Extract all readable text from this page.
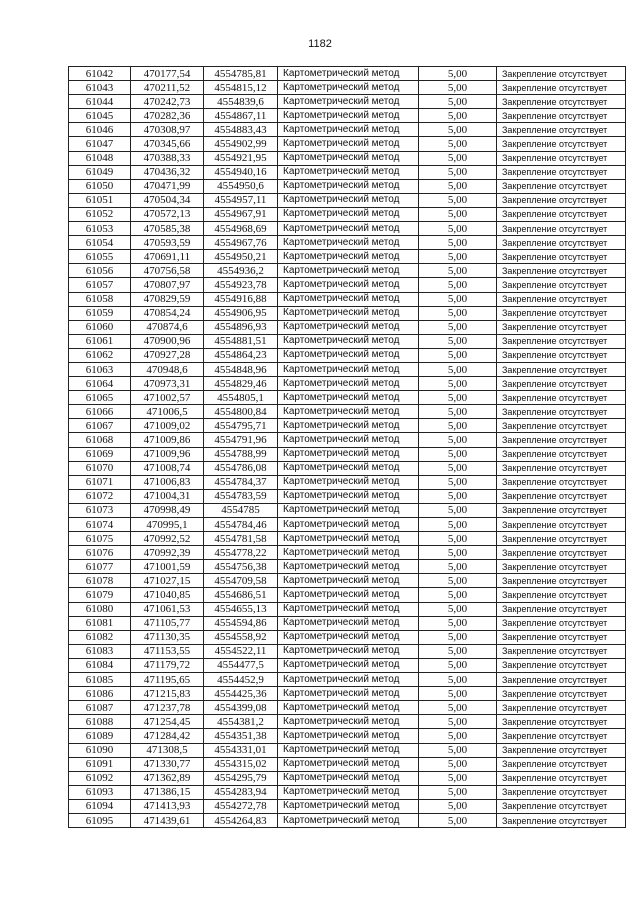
1182
61042	470177,54	4554785,81	Картометрический метод	5,00	Закрепление отсутствует
61043	470211,52	4554815,12	Картометрический метод	5,00	Закрепление отсутствует
61044	470242,73	4554839,6	Картометрический метод	5,00	Закрепление отсутствует
61045	470282,36	4554867,11	Картометрический метод	5,00	Закрепление отсутствует
61046	470308,97	4554883,43	Картометрический метод	5,00	Закрепление отсутствует
61047	470345,66	4554902,99	Картометрический метод	5,00	Закрепление отсутствует
61048	470388,33	4554921,95	Картометрический метод	5,00	Закрепление отсутствует
61049	470436,32	4554940,16	Картометрический метод	5,00	Закрепление отсутствует
61050	470471,99	4554950,6	Картометрический метод	5,00	Закрепление отсутствует
61051	470504,34	4554957,11	Картометрический метод	5,00	Закрепление отсутствует
61052	470572,13	4554967,91	Картометрический метод	5,00	Закрепление отсутствует
61053	470585,38	4554968,69	Картометрический метод	5,00	Закрепление отсутствует
61054	470593,59	4554967,76	Картометрический метод	5,00	Закрепление отсутствует
61055	470691,11	4554950,21	Картометрический метод	5,00	Закрепление отсутствует
61056	470756,58	4554936,2	Картометрический метод	5,00	Закрепление отсутствует
61057	470807,97	4554923,78	Картометрический метод	5,00	Закрепление отсутствует
61058	470829,59	4554916,88	Картометрический метод	5,00	Закрепление отсутствует
61059	470854,24	4554906,95	Картометрический метод	5,00	Закрепление отсутствует
61060	470874,6	4554896,93	Картометрический метод	5,00	Закрепление отсутствует
61061	470900,96	4554881,51	Картометрический метод	5,00	Закрепление отсутствует
61062	470927,28	4554864,23	Картометрический метод	5,00	Закрепление отсутствует
61063	470948,6	4554848,96	Картометрический метод	5,00	Закрепление отсутствует
61064	470973,31	4554829,46	Картометрический метод	5,00	Закрепление отсутствует
61065	471002,57	4554805,1	Картометрический метод	5,00	Закрепление отсутствует
61066	471006,5	4554800,84	Картометрический метод	5,00	Закрепление отсутствует
61067	471009,02	4554795,71	Картометрический метод	5,00	Закрепление отсутствует
61068	471009,86	4554791,96	Картометрический метод	5,00	Закрепление отсутствует
61069	471009,96	4554788,99	Картометрический метод	5,00	Закрепление отсутствует
61070	471008,74	4554786,08	Картометрический метод	5,00	Закрепление отсутствует
61071	471006,83	4554784,37	Картометрический метод	5,00	Закрепление отсутствует
61072	471004,31	4554783,59	Картометрический метод	5,00	Закрепление отсутствует
61073	470998,49	4554785	Картометрический метод	5,00	Закрепление отсутствует
61074	470995,1	4554784,46	Картометрический метод	5,00	Закрепление отсутствует
61075	470992,52	4554781,58	Картометрический метод	5,00	Закрепление отсутствует
61076	470992,39	4554778,22	Картометрический метод	5,00	Закрепление отсутствует
61077	471001,59	4554756,38	Картометрический метод	5,00	Закрепление отсутствует
61078	471027,15	4554709,58	Картометрический метод	5,00	Закрепление отсутствует
61079	471040,85	4554686,51	Картометрический метод	5,00	Закрепление отсутствует
61080	471061,53	4554655,13	Картометрический метод	5,00	Закрепление отсутствует
61081	471105,77	4554594,86	Картометрический метод	5,00	Закрепление отсутствует
61082	471130,35	4554558,92	Картометрический метод	5,00	Закрепление отсутствует
61083	471153,55	4554522,11	Картометрический метод	5,00	Закрепление отсутствует
61084	471179,72	4554477,5	Картометрический метод	5,00	Закрепление отсутствует
61085	471195,65	4554452,9	Картометрический метод	5,00	Закрепление отсутствует
61086	471215,83	4554425,36	Картометрический метод	5,00	Закрепление отсутствует
61087	471237,78	4554399,08	Картометрический метод	5,00	Закрепление отсутствует
61088	471254,45	4554381,2	Картометрический метод	5,00	Закрепление отсутствует
61089	471284,42	4554351,38	Картометрический метод	5,00	Закрепление отсутствует
61090	471308,5	4554331,01	Картометрический метод	5,00	Закрепление отсутствует
61091	471330,77	4554315,02	Картометрический метод	5,00	Закрепление отсутствует
61092	471362,89	4554295,79	Картометрический метод	5,00	Закрепление отсутствует
61093	471386,15	4554283,94	Картометрический метод	5,00	Закрепление отсутствует
61094	471413,93	4554272,78	Картометрический метод	5,00	Закрепление отсутствует
61095	471439,61	4554264,83	Картометрический метод	5,00	Закрепление отсутствует
